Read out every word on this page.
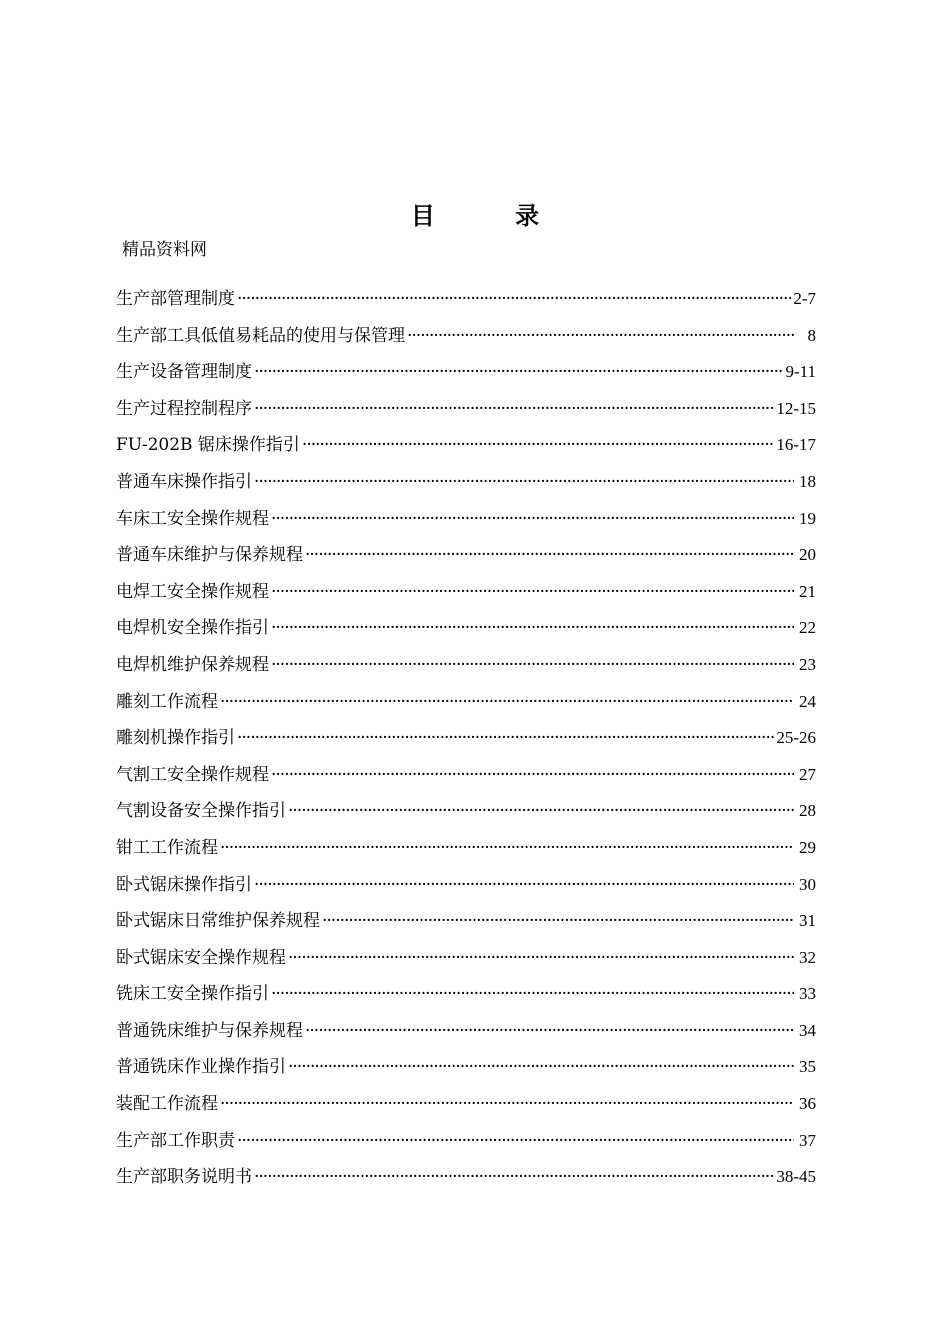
目 录
精品资料网
生产部管理制度 ·····	2-7
生产部工具低值易耗品的使用与保管理 ·····	8
生产设备管理制度 ·····	9-11
生产过程控制程序 ·····	12-15
FU-202B 锯床操作指引 ·····	16-17
普通车床操作指引 ·····	18
车床工安全操作规程 ·····	19
普通车床维护与保养规程 ·····	20
电焊工安全操作规程 ·····	21
电焊机安全操作指引 ·····	22
电焊机维护保养规程 ·····	23
雕刻工作流程 ·····	24
雕刻机操作指引 ·····	25-26
气割工安全操作规程 ·····	27
气割设备安全操作指引 ·····	28
钳工工作流程 ·····	29
卧式锯床操作指引 ·····	30
卧式锯床日常维护保养规程 ·····	31
卧式锯床安全操作规程 ·····	32
铣床工安全操作指引 ·····	33
普通铣床维护与保养规程 ·····	34
普通铣床作业操作指引 ·····	35
装配工作流程 ·····	36
生产部工作职责 ·····	37
生产部职务说明书 ·····	38-45
